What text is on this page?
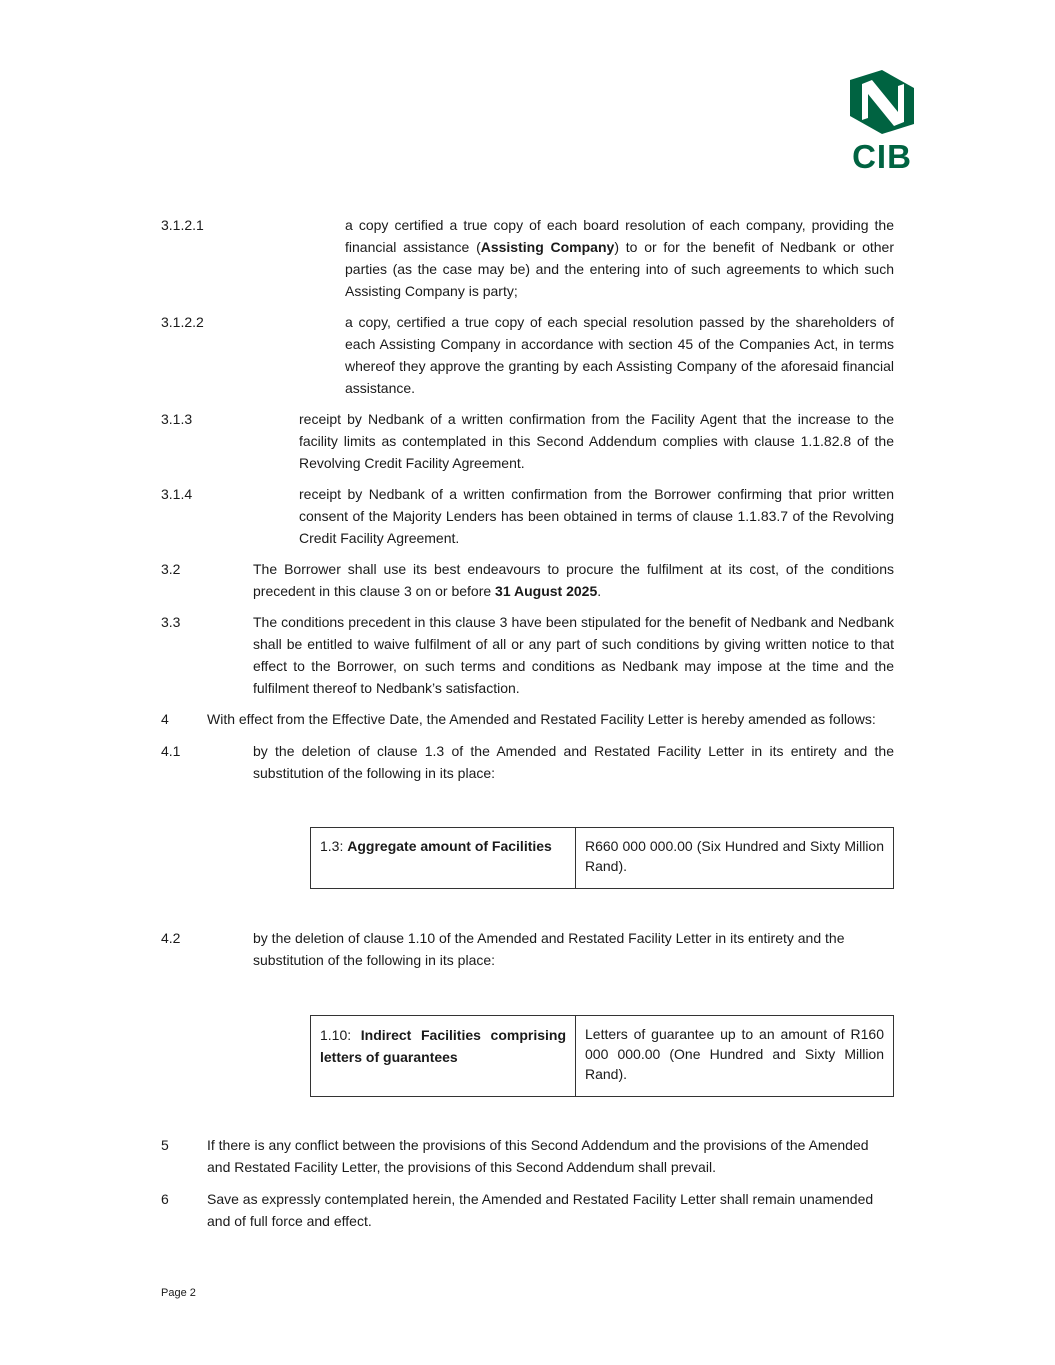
CIB
3.1.2.1	a copy certified a true copy of each board resolution of each company, providing the financial assistance (Assisting Company) to or for the benefit of Nedbank or other parties (as the case may be) and the entering into of such agreements to which such Assisting Company is party;
3.1.2.2	a copy, certified a true copy of each special resolution passed by the shareholders of each Assisting Company in accordance with section 45 of the Companies Act, in terms whereof they approve the granting by each Assisting Company of the aforesaid financial assistance.
3.1.3	receipt by Nedbank of a written confirmation from the Facility Agent that the increase to the facility limits as contemplated in this Second Addendum complies with clause 1.1.82.8 of the Revolving Credit Facility Agreement.
3.1.4	receipt by Nedbank of a written confirmation from the Borrower confirming that prior written consent of the Majority Lenders has been obtained in terms of clause 1.1.83.7 of the Revolving Credit Facility Agreement.
3.2	The Borrower shall use its best endeavours to procure the fulfilment at its cost, of the conditions precedent in this clause 3 on or before 31 August 2025.
3.3	The conditions precedent in this clause 3 have been stipulated for the benefit of Nedbank and Nedbank shall be entitled to waive fulfilment of all or any part of such conditions by giving written notice to that effect to the Borrower, on such terms and conditions as Nedbank may impose at the time and the fulfilment thereof to Nedbank’s satisfaction.
4	With effect from the Effective Date, the Amended and Restated Facility Letter is hereby amended as follows:
4.1	by the deletion of clause 1.3 of the Amended and Restated Facility Letter in its entirety and the substitution of the following in its place:
1.3: Aggregate amount of Facilities	R660 000 000.00 (Six Hundred and Sixty Million Rand).
4.2	by the deletion of clause 1.10 of the Amended and Restated Facility Letter in its entirety and the substitution of the following in its place:
1.10: Indirect Facilities comprising letters of guarantees	Letters of guarantee up to an amount of R160 000 000.00 (One Hundred and Sixty Million Rand).
5	If there is any conflict between the provisions of this Second Addendum and the provisions of the Amended and Restated Facility Letter, the provisions of this Second Addendum shall prevail.
6	Save as expressly contemplated herein, the Amended and Restated Facility Letter shall remain unamended and of full force and effect.
Page 2
